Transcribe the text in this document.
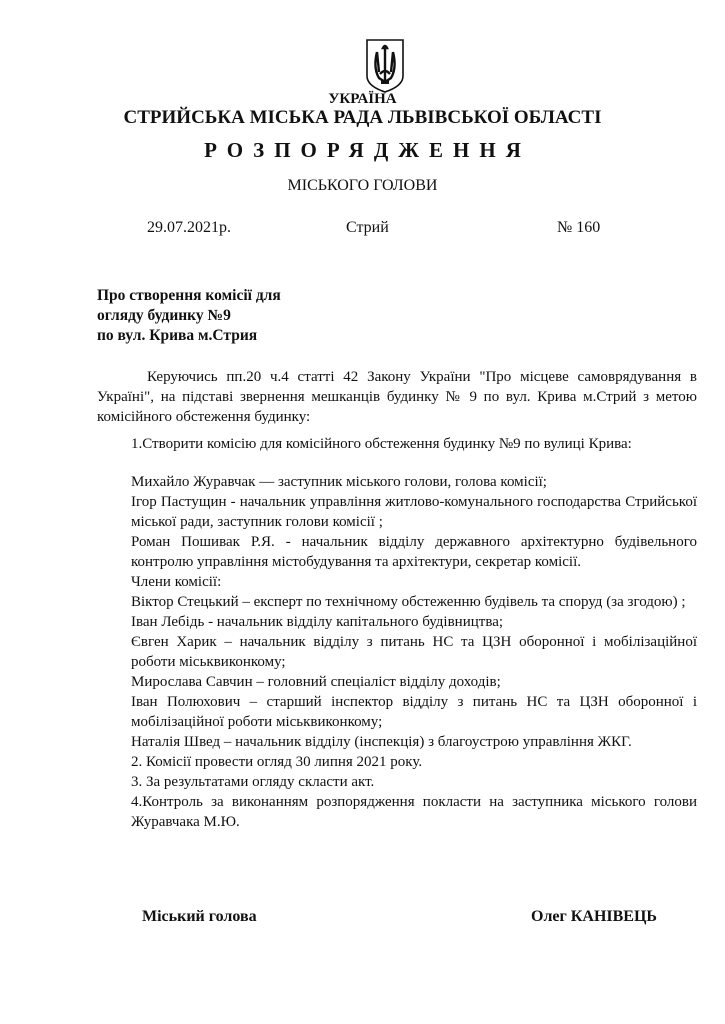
УКРАЇНА
СТРИЙСЬКА МІСЬКА РАДА ЛЬВІВСЬКОЇ ОБЛАСТІ
РОЗПОРЯДЖЕННЯ
МІСЬКОГО ГОЛОВИ
29.07.2021р.	Стрий	№ 160
Про створення комісії для
огляду будинку №9
по вул. Крива м.Стрия
Керуючись пп.20 ч.4 статті 42 Закону України "Про місцеве самоврядування в Україні", на підставі звернення мешканців будинку № 9 по вул. Крива м.Стрий з метою комісійного обстеження будинку:
1.Створити комісію для комісійного обстеження будинку №9 по вулиці Крива:
Михайло Журавчак — заступник міського голови, голова комісії;
Ігор Пастущин - начальник управління житлово-комунального господарства Стрийської міської ради, заступник голови комісії ;
Роман Пошивак Р.Я. - начальник відділу державного архітектурно будівельного контролю управління містобудування та архітектури, секретар комісії.
Члени комісії:
Віктор Стецький – експерт по технічному обстеженню будівель та споруд (за згодою) ;
Іван Лебідь - начальник відділу капітального будівництва;
Євген Харик – начальник відділу з питань НС та ЦЗН оборонної і мобілізаційної роботи міськвиконкому;
Мирослава Савчин – головний спеціаліст відділу доходів;
Іван Полюхович – старший інспектор відділу з питань НС та ЦЗН оборонної і мобілізаційної роботи міськвиконкому;
Наталія Швед – начальник відділу (інспекція) з благоустрою управління ЖКГ.
2. Комісії провести огляд 30 липня 2021 року.
3. За результатами огляду скласти акт.
4.Контроль за виконанням розпорядження покласти на заступника міського голови Журавчака М.Ю.
Міський голова	Олег КАНІВЕЦЬ
